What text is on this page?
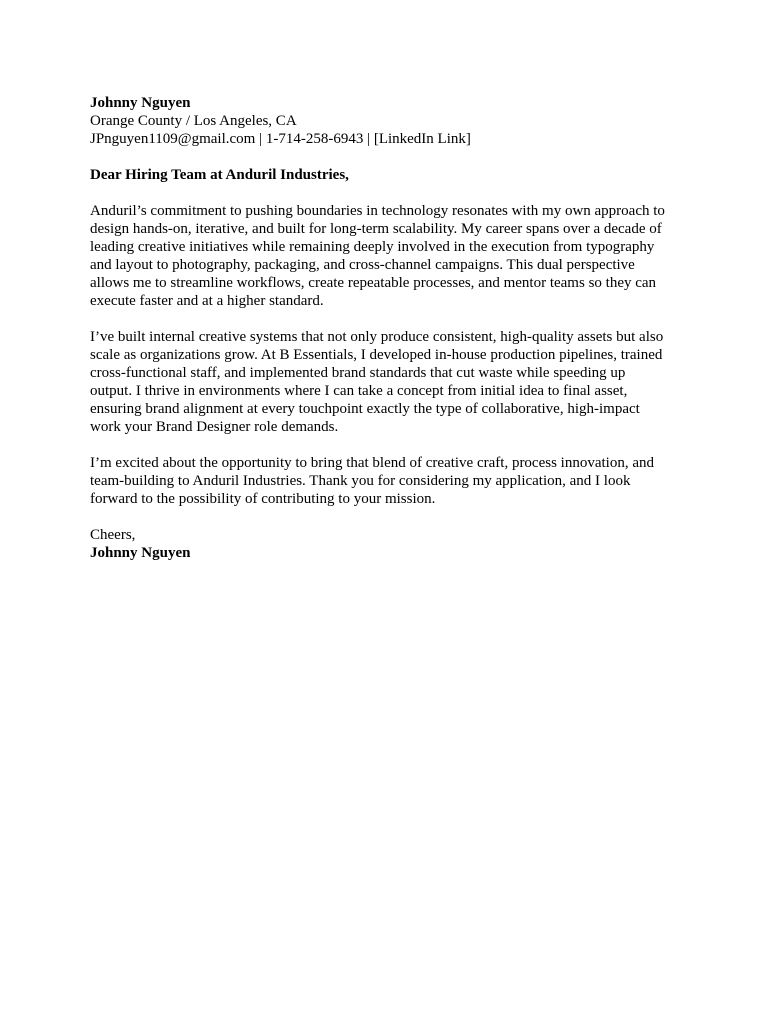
Johnny Nguyen
Orange County / Los Angeles, CA
JPnguyen1109@gmail.com | 1-714-258-6943 | [LinkedIn Link]
Dear Hiring Team at Anduril Industries,
Anduril’s commitment to pushing boundaries in technology resonates with my own approach to
design hands-on, iterative, and built for long-term scalability. My career spans over a decade of
leading creative initiatives while remaining deeply involved in the execution from typography
and layout to photography, packaging, and cross-channel campaigns. This dual perspective
allows me to streamline workflows, create repeatable processes, and mentor teams so they can
execute faster and at a higher standard.
I’ve built internal creative systems that not only produce consistent, high-quality assets but also
scale as organizations grow. At B Essentials, I developed in-house production pipelines, trained
cross-functional staff, and implemented brand standards that cut waste while speeding up
output. I thrive in environments where I can take a concept from initial idea to final asset,
ensuring brand alignment at every touchpoint exactly the type of collaborative, high-impact
work your Brand Designer role demands.
I’m excited about the opportunity to bring that blend of creative craft, process innovation, and
team-building to Anduril Industries. Thank you for considering my application, and I look
forward to the possibility of contributing to your mission.
Cheers,
Johnny Nguyen
